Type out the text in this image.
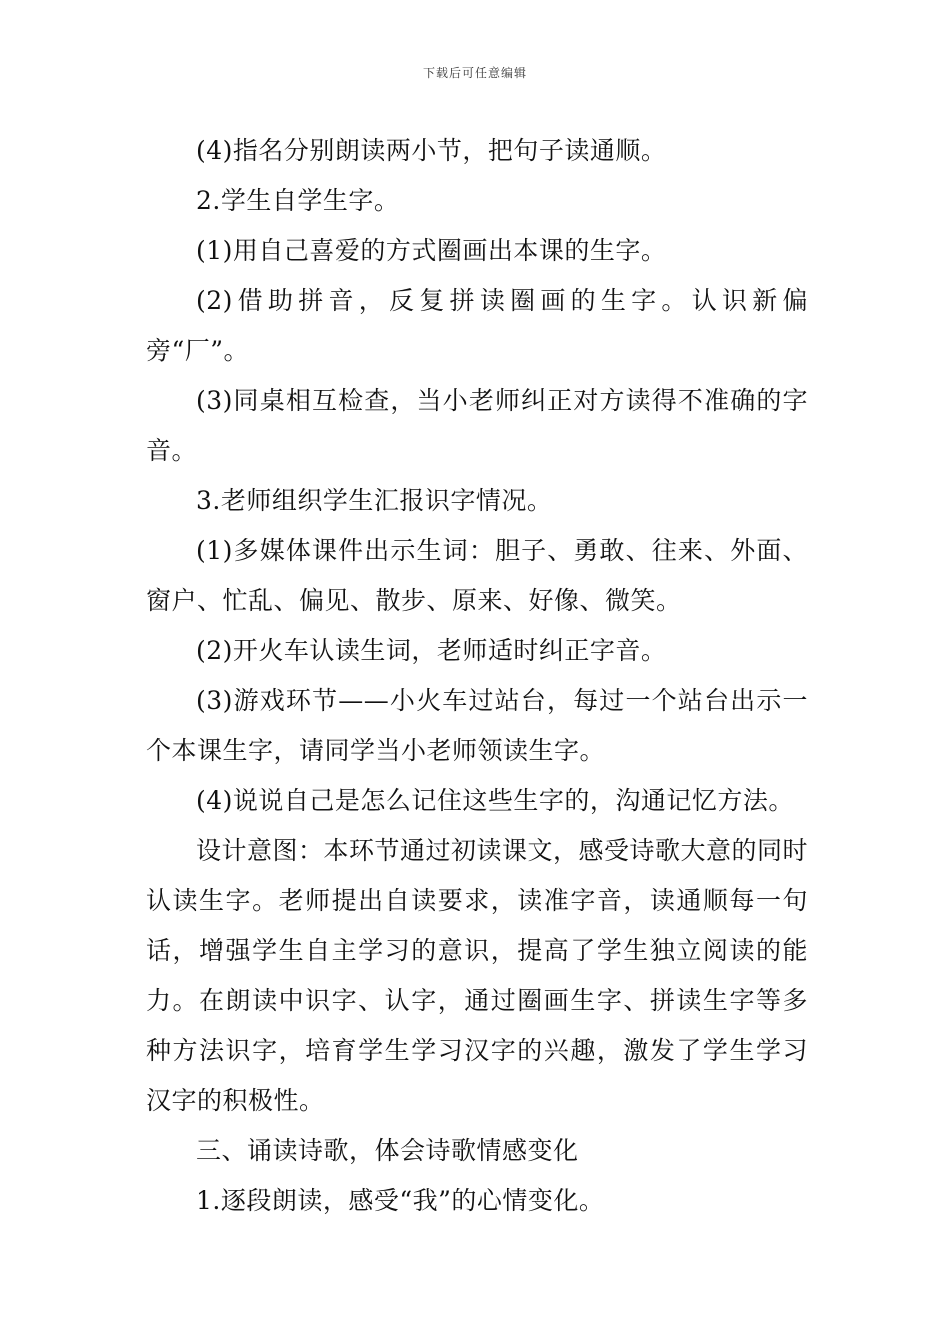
下载后可任意编辑

(4)指名分别朗读两小节，把句子读通顺。

2.学生自学生字。

(1)用自己喜爱的方式圈画出本课的生字。

(2)借助拼音，反复拼读圈画的生字。认识新偏旁“厂”。

(3)同桌相互检查，当小老师纠正对方读得不准确的字音。

3.老师组织学生汇报识字情况。

(1)多媒体课件出示生词：胆子、勇敢、往来、外面、窗户、忙乱、偏见、散步、原来、好像、微笑。

(2)开火车认读生词，老师适时纠正字音。

(3)游戏环节——小火车过站台，每过一个站台出示一个本课生字，请同学当小老师领读生字。

(4)说说自己是怎么记住这些生字的，沟通记忆方法。

设计意图：本环节通过初读课文，感受诗歌大意的同时认读生字。老师提出自读要求，读准字音，读通顺每一句话，增强学生自主学习的意识，提高了学生独立阅读的能力。在朗读中识字、认字，通过圈画生字、拼读生字等多种方法识字，培育学生学习汉字的兴趣，激发了学生学习汉字的积极性。

三、诵读诗歌，体会诗歌情感变化

1.逐段朗读，感受“我”的心情变化。
